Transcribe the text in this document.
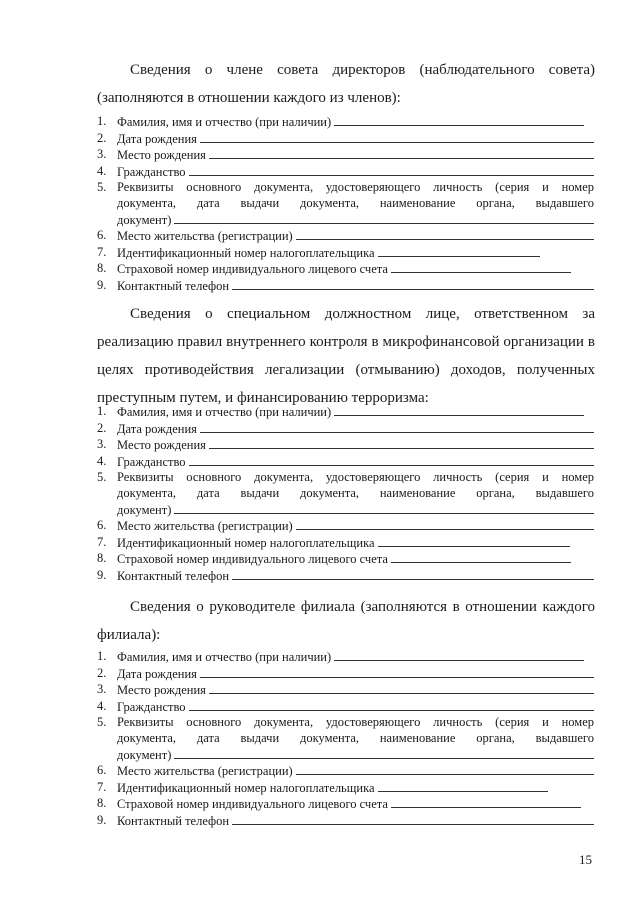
Сведения о члене совета директоров (наблюдательного совета)
(заполняются в отношении каждого из членов):
1. Фамилия, имя и отчество (при наличии)
2. Дата рождения
3. Место рождения
4. Гражданство
5. Реквизиты основного документа, удостоверяющего личность (серия и номер
документа, дата выдачи документа, наименование органа, выдавшего
документ)
6. Место жительства (регистрации)
7. Идентификационный номер налогоплательщика
8. Страховой номер индивидуального лицевого счета
9. Контактный телефон
Сведения о специальном должностном лице, ответственном за
реализацию правил внутреннего контроля в микрофинансовой организации в
целях противодействия легализации (отмыванию) доходов, полученных
преступным путем, и финансированию терроризма:
1. Фамилия, имя и отчество (при наличии)
2. Дата рождения
3. Место рождения
4. Гражданство
5. Реквизиты основного документа, удостоверяющего личность (серия и номер
документа, дата выдачи документа, наименование органа, выдавшего
документ)
6. Место жительства (регистрации)
7. Идентификационный номер налогоплательщика
8. Страховой номер индивидуального лицевого счета
9. Контактный телефон
Сведения о руководителе филиала (заполняются в отношении каждого
филиала):
1. Фамилия, имя и отчество (при наличии)
2. Дата рождения
3. Место рождения
4. Гражданство
5. Реквизиты основного документа, удостоверяющего личность (серия и номер
документа, дата выдачи документа, наименование органа, выдавшего
документ)
6. Место жительства (регистрации)
7. Идентификационный номер налогоплательщика
8. Страховой номер индивидуального лицевого счета
9. Контактный телефон
15
